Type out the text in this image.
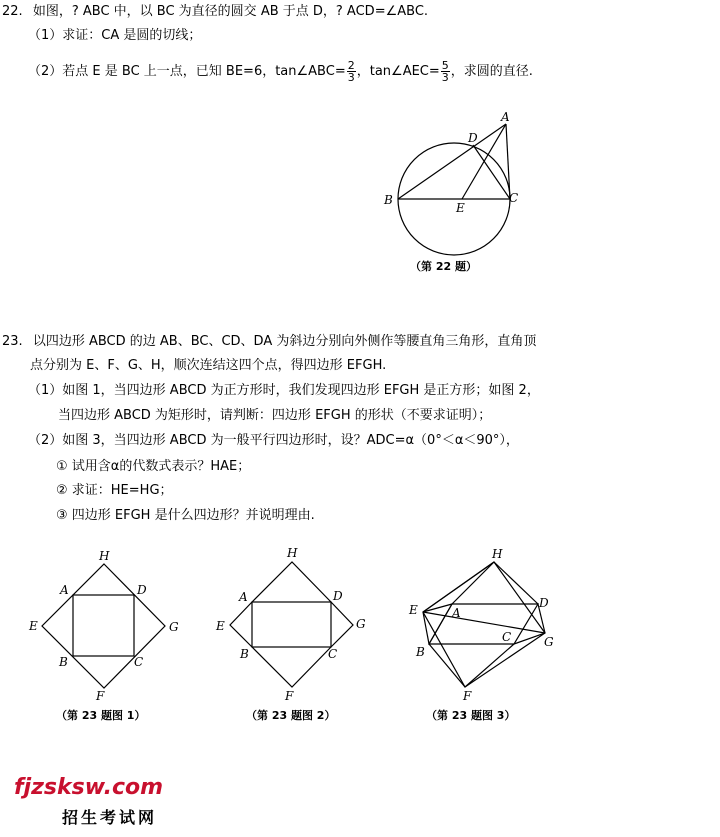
22. 如图，? ABC 中，以 BC 为直径的圆交 AB 于点 D，? ACD=∠ABC.
（1）求证：CA 是圆的切线；
（2）若点 E 是 BC 上一点，已知 BE=6，tan∠ABC= $\frac{2}{3}$ ，tan∠AEC= $\frac{5}{3}$ ，求圆的直径.
A
D
B
E
C
（第 22 题）
23. 以四边形 ABCD 的边 AB、BC、CD、DA 为斜边分别向外侧作等腰直角三角形，直角顶
点分别为 E、F、G、H，顺次连结这四个点，得四边形 EFGH.
（1）如图 1，当四边形 ABCD 为正方形时，我们发现四边形 EFGH 是正方形；如图 2，
当四边形 ABCD 为矩形时，请判断：四边形 EFGH 的形状（不要求证明）；
（2）如图 3，当四边形 ABCD 为一般平行四边形时，设？ADC=α（0°＜α＜90°），
① 试用含α的代数式表示？HAE；
② 求证：HE=HG；
③ 四边形 EFGH 是什么四边形？并说明理由.
H
A	D
E	G
B	C
F
H
A	D
E	G
B	C
F
H
E	A
D
C	G
B
F
（第 23 题图 1）	（第 23 题图 2）	（第 23 题图 3）
fjzsksw.com
招生考试网
